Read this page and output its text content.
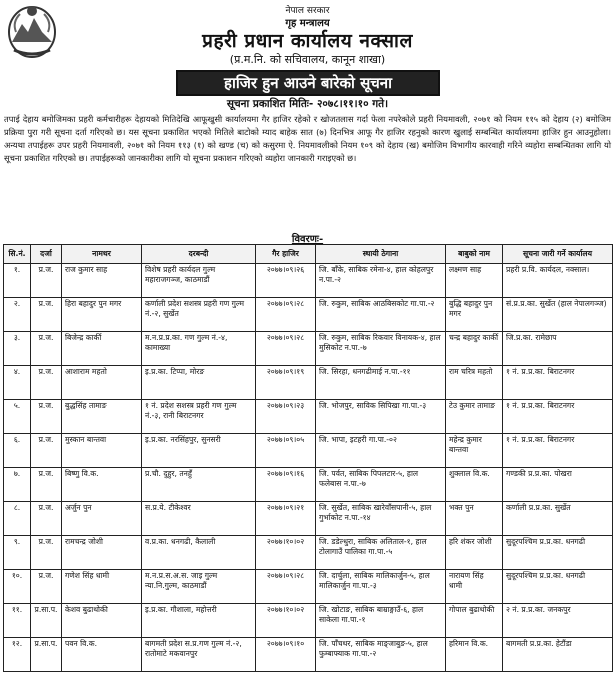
नेपाल सरकार
गृह मन्त्रालय
प्रहरी प्रधान कार्यालय नक्साल
(प्र.म.नि. को सचिवालय, कानून शाखा)
हाजिर हुन आउने बारेको सूचना
सूचना प्रकाशित मितिः- २०७८।११।१० गते।
तपाई देहाय बमोजिमका प्रहरी कर्मचारीहरू देहायको मितिदेखि आफूखुसी कार्यालयमा गैर हाजिर रहेको र खोजतलास गर्दा फेला नपरेकोले प्रहरी नियमावली, २०७१ को नियम ११५ को देहाय (२) बमोजिम प्रक्रिया पुरा गरी सूचना दर्ता गरिएको छ। यस सूचना प्रकाशित भएको मितिले बाटोको म्याद बाहेक सात (७) दिनभित्र आफू गैर हाजिर रहनुको कारण खुलाई सम्बन्धित कार्यालयमा हाजिर हुन आउनुहोला। अन्यथा तपाईहरू उपर प्रहरी नियमावली, २०७१ को नियम ११३ (१) को खण्ड (च) को कसुरमा ऐ. नियमावलीको नियम १०९ को देहाय (ख) बमोजिम विभागीय कारवाही गरिने व्यहोरा सम्बन्धितका लागि यो सूचना प्रकाशित गरिएको छ। तपाईहरूको जानकारीका लागि यो सूचना प्रकाशन गरिएको व्यहोरा जानकारी गराइएको छ।
विवरणः-
सि.नं.	दर्जा	नामथर	दरबन्दी	गैर हाजिर	स्थायी ठेगाना	बाबुको नाम	सूचना जारी गर्ने कार्यालय
१.	प्र.ज.	राज कुमार साह	विशेष प्रहरी कार्यदल गुल्म महाराजगञ्ज, काठमाडौं	२०७७।०९।२६	जि. बाँके, साबिक रमेना-४, हाल कोहलपुर न.पा.-२	लक्ष्मण साह	प्रहरी प्र.वि. कार्यदल, नक्साल।
२.	प्र.ज.	हिरा बहादुर पुन मगर	कर्णाली प्रदेश सशस्त्र प्रहरी गण गुल्म नं.-२, सुर्खेत	२०७७।०९।२८	जि. रुकुम, साबिक आठबिसकोट गा.पा.-२	बुद्धि बहादुर पुन मगर	सं.प्र.प्र.का. सुर्खेत (हाल नेपालगञ्ज)
३.	प्र.ज.	बिजेन्द्र कार्की	म.न.प्र.प्र.का. गण गुल्म नं.-४, कामाख्या	२०७७।०९।२८	जि. रुकुम, साबिक रिकवार विनायक-४, हाल मुसिकोट न.पा.-७	चन्द्र बहादुर कार्की	जि.प्र.का. रामेछाप
४.	प्र.ज.	आशाराम महतो	इ.प्र.का. टिप्पा, मोरङ	२०७७।०९।१९	जि. सिरहा, धनगढीमाई न.पा.-११	राम चरित्र महतो	१ नं. प्र.प्र.का. बिराटनगर
५.	प्र.ज.	बुद्धसिंह तामाङ	१ नं. प्रदेश सशस्त्र प्रहरी गण गुल्म नं.-३, रानी बिराटनगर	२०७७।०९।२३	जि. भोजपुर, साविक सिपिखा गा.पा.-३	टेउ कुमार तामाङ	१ नं. प्र.प्र.का. बिराटनगर
६.	प्र.ज.	मुस्कान बान्तवा	इ.प्र.का. नरसिंहपुर, सुनसरी	२०७७।०९।०५	जि. भापा, इटहरी गा.पा.-०२	महेन्द्र कुमार बान्तवा	१ नं. प्र.प्र.का. बिराटनगर
७.	प्र.ज.	बिष्णु वि.क.	प्र.चौ. दुहुर, तनहुँ	२०७७।०९।१६	जि. पर्वत, साबिक पिपलटार-५, हाल फलेबास न.पा.-७	शुक्लाल वि.क.	गण्डकी प्र.प्र.का. पोखरा
८.	प्र.ज.	अर्जुन पुन	स.प्र.ये. टीकेश्वर	२०७७।०९।२१	जि. सुर्खेत, साबिक खारेवाँसपानी-५, हाल गुर्भाकोट न.पा.-१४	भक्त पुन	कर्णाली प्र.प्र.का. सुर्खेत
९.	प्र.ज.	रामचन्द्र जोशी	व.प्र.का. धनगढी, कैलाली	२०७७।१०।०२	जि. डडेल्धुरा, साबिक अलिताल-१, हाल टोलागाउँ पालिका गा.पा.-५	हरि शंकर जोशी	सुदूरपश्चिम प्र.प्र.का. धनगढी
१०.	प्र.ज.	गणेश सिंह धामी	म.न.प्र.स.अ.स. जाइ गुल्म न्या.नि.गुल्म, काठमाडौं	२०७७।०९।२८	जि. दार्चुला, साबिक मालिकार्जुन-५, हाल मालिकार्जुन गा.पा.-३	नारायण सिंह धामी	सुदूरपश्चिम प्र.प्र.का. धनगढी
११.	प्र.सा.प.	केशव बुढाथोकी	इ.प्र.का. गौशाला, महोत्तरी	२०७७।१०।०२	जि. खोटाङ, साबिक बाम्राङ्गाउँ-६, हाल साकेला गा.पा.-१	गोपाल बुढाथोकी	२ नं. प्र.प्र.का. जनकपुर
१२.	प्र.सा.प.	पवन वि.क.	बागमती प्रदेश स.प्र.गण गुल्म नं.-२, रातोमाटे मकवानपुर	२०७७।०९।१०	जि. पाँचथर, साबिक माङ्जाबुङ-५, हाल फुम्बाफ्याक गा.पा.-२	हरिमान वि.क.	बागमती प्र.प्र.का. हेटौंडा
